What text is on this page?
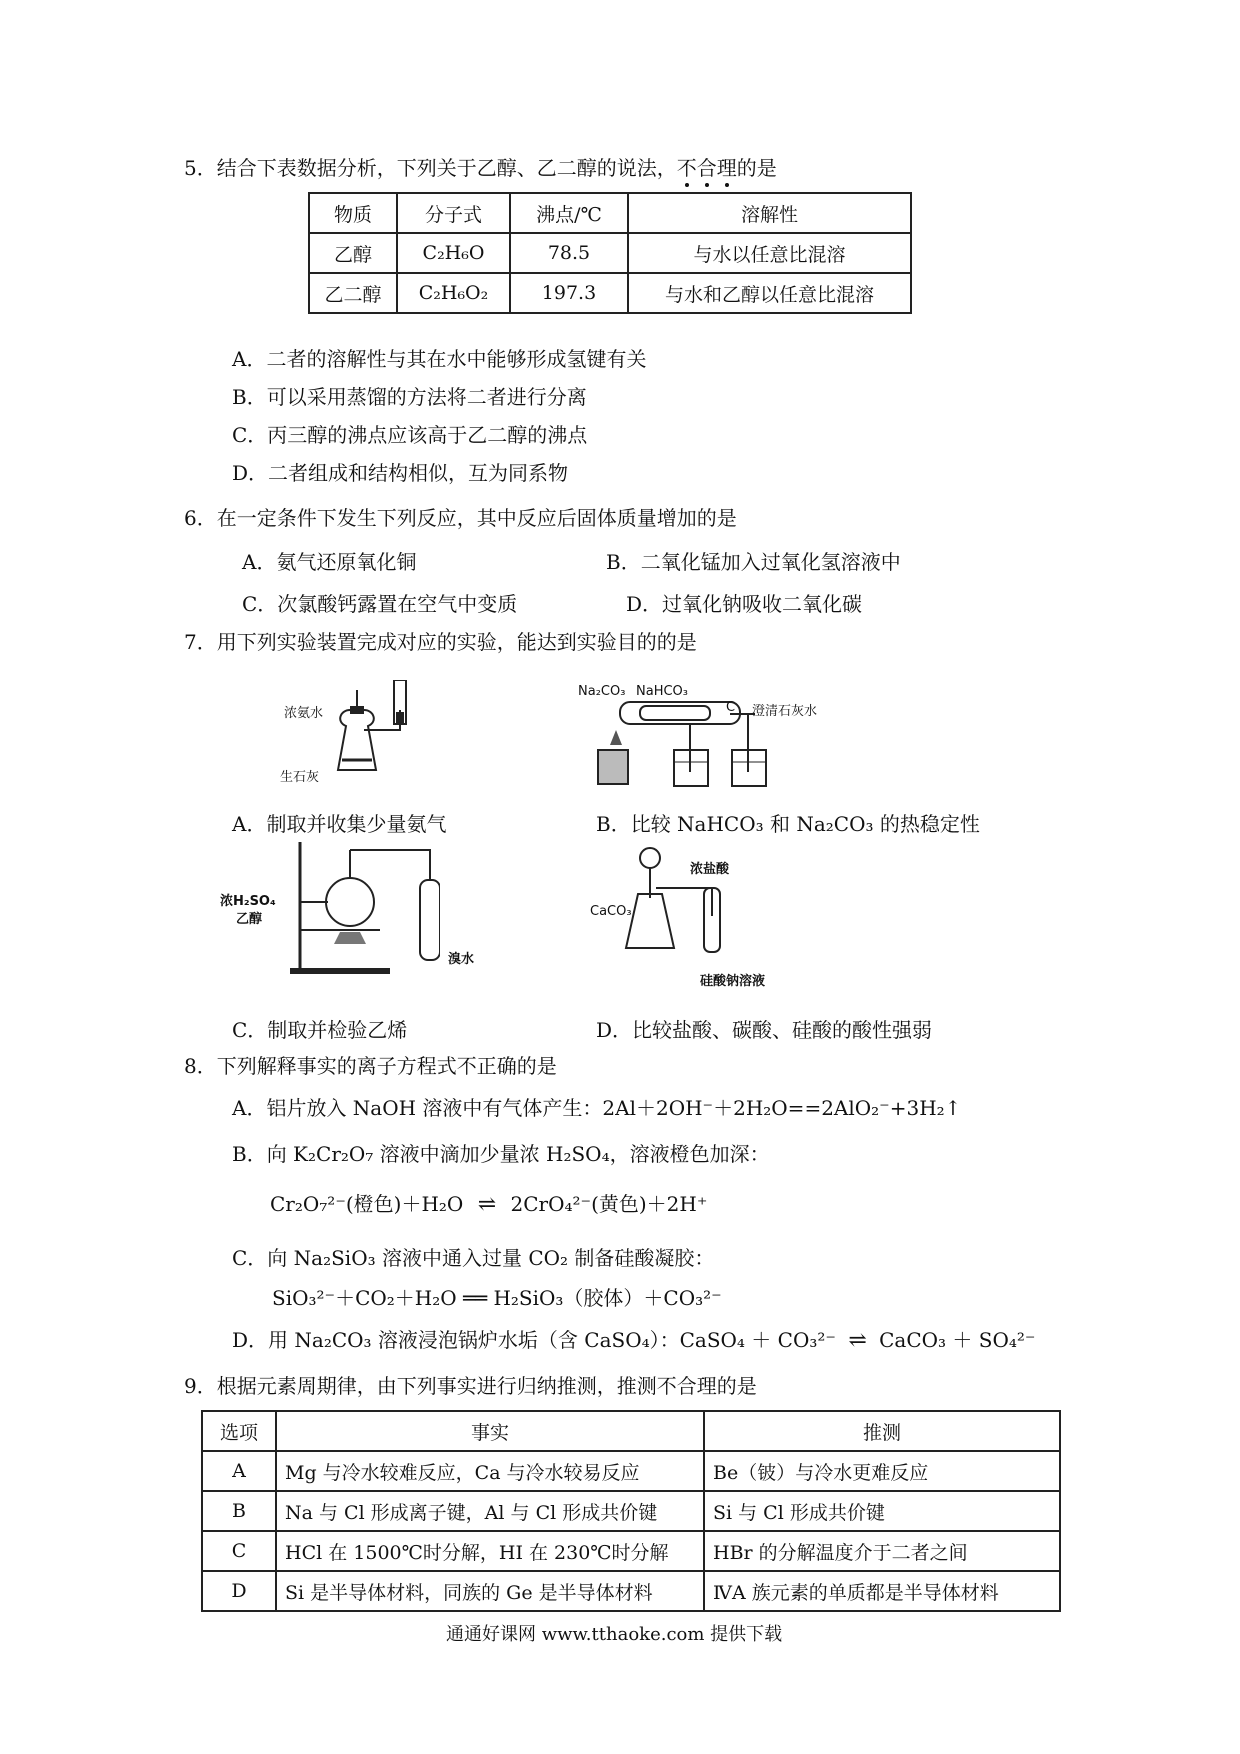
5．结合下表数据分析，下列关于乙醇、乙二醇的说法，不合理的是
物质	分子式	沸点/℃	溶解性
乙醇	C₂H₆O	78.5	与水以任意比混溶
乙二醇	C₂H₆O₂	197.3	与水和乙醇以任意比混溶
A．二者的溶解性与其在水中能够形成氢键有关
B．可以采用蒸馏的方法将二者进行分离
C．丙三醇的沸点应该高于乙二醇的沸点
D．二者组成和结构相似，互为同系物
6．在一定条件下发生下列反应，其中反应后固体质量增加的是
A．氨气还原氧化铜	B．二氧化锰加入过氧化氢溶液中
C．次氯酸钙露置在空气中变质	D．过氧化钠吸收二氧化碳
7．用下列实验装置完成对应的实验，能达到实验目的的是
浓氨水
生石灰
A．制取并收集少量氨气
Na₂CO₃ NaHCO₃
C 澄清石灰水
B．比较 NaHCO₃ 和 Na₂CO₃ 的热稳定性
浓H₂SO₄
乙醇
溴水
C．制取并检验乙烯
浓盐酸
CaCO₃
硅酸钠溶液
D．比较盐酸、碳酸、硅酸的酸性强弱
8．下列解释事实的离子方程式不正确的是
A．铝片放入 NaOH 溶液中有气体产生：2Al＋2OH⁻＋2H₂O==2AlO₂⁻+3H₂↑
B．向 K₂Cr₂O₇ 溶液中滴加少量浓 H₂SO₄，溶液橙色加深：
Cr₂O₇²⁻(橙色)＋H₂O ⇌ 2CrO₄²⁻(黄色)＋2H⁺
C．向 Na₂SiO₃ 溶液中通入过量 CO₂ 制备硅酸凝胶：
SiO₃²⁻＋CO₂＋H₂O ══ H₂SiO₃（胶体）＋CO₃²⁻
D．用 Na₂CO₃ 溶液浸泡锅炉水垢（含 CaSO₄）：CaSO₄ ＋ CO₃²⁻ ⇌ CaCO₃ ＋ SO₄²⁻
9．根据元素周期律，由下列事实进行归纳推测，推测不合理的是
选项	事实	推测
A	Mg 与冷水较难反应，Ca 与冷水较易反应	Be（铍）与冷水更难反应
B	Na 与 Cl 形成离子键，Al 与 Cl 形成共价键	Si 与 Cl 形成共价键
C	HCl 在 1500℃时分解，HI 在 230℃时分解	HBr 的分解温度介于二者之间
D	Si 是半导体材料，同族的 Ge 是半导体材料	ⅣA 族元素的单质都是半导体材料
通通好课网 www.tthaoke.com 提供下载
